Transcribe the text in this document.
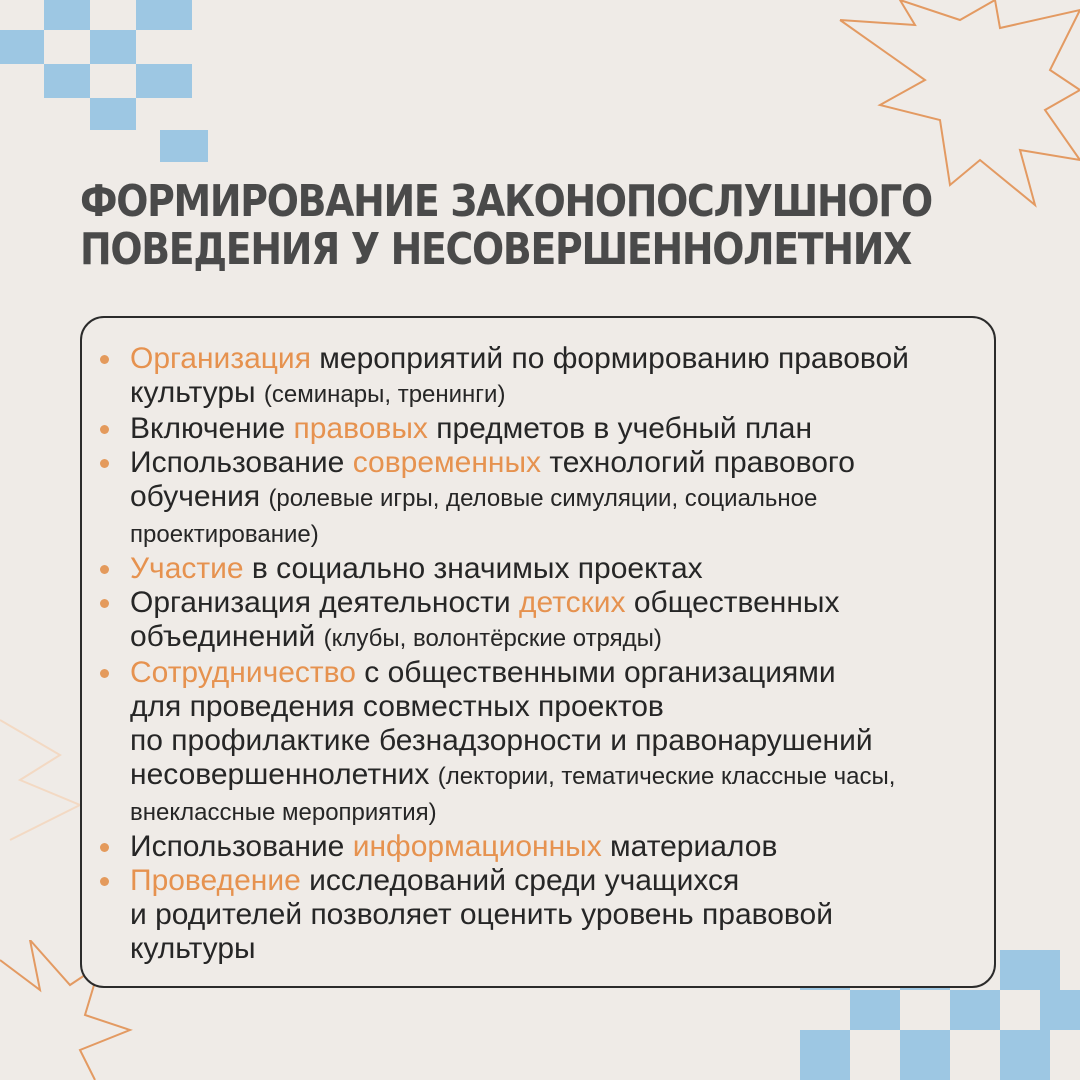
ФОРМИРОВАНИЕ ЗАКОНОПОСЛУШНОГО
ПОВЕДЕНИЯ У НЕСОВЕРШЕННОЛЕТНИХ
Организация мероприятий по формированию правовой
культуры (семинары, тренинги)
Включение правовых предметов в учебный план
Использование современных технологий правового
обучения (ролевые игры, деловые симуляции, социальное проектирование)
Участие в социально значимых проектах
Организация деятельности детских общественных
объединений (клубы, волонтёрские отряды)
Сотрудничество с общественными организациями
для проведения совместных проектов
по профилактике безнадзорности и правонарушений
несовершеннолетних (лектории, тематические классные часы, внеклассные мероприятия)
Использование информационных материалов
Проведение исследований среди учащихся
и родителей позволяет оценить уровень правовой
культуры
